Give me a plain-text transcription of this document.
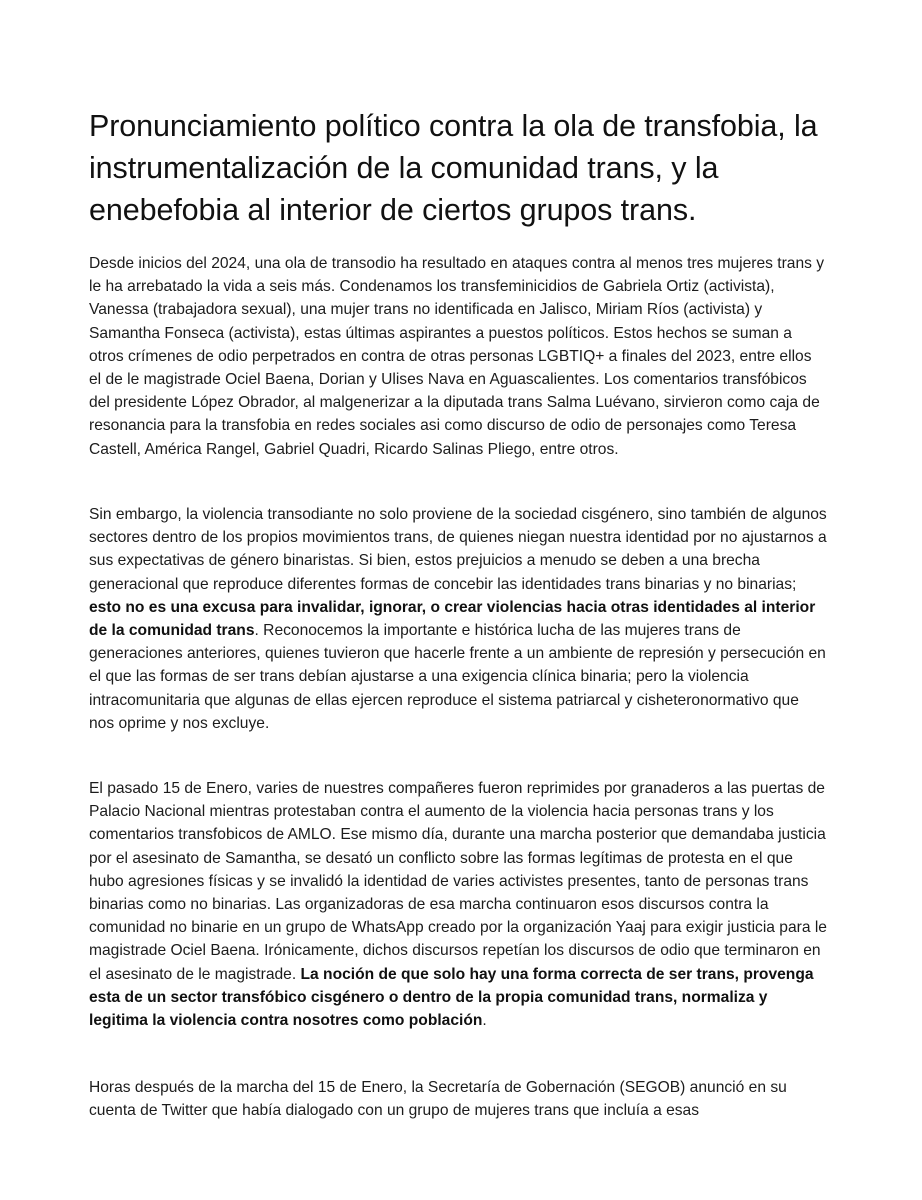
Pronunciamiento político contra la ola de transfobia, la instrumentalización de la comunidad trans, y la enebefobia al interior de ciertos grupos trans.

Desde inicios del 2024, una ola de transodio ha resultado en ataques contra al menos tres mujeres trans y le ha arrebatado la vida a seis más. Condenamos los transfeminicidios de Gabriela Ortiz (activista), Vanessa (trabajadora sexual), una mujer trans no identificada en Jalisco, Miriam Ríos (activista) y Samantha Fonseca (activista), estas últimas aspirantes a puestos políticos. Estos hechos se suman a otros crímenes de odio perpetrados en contra de otras personas LGBTIQ+ a finales del 2023, entre ellos el de le magistrade Ociel Baena, Dorian y Ulises Nava en Aguascalientes. Los comentarios transfóbicos del presidente López Obrador, al malgenerizar a la diputada trans Salma Luévano, sirvieron como caja de resonancia para la transfobia en redes sociales asi como discurso de odio de personajes como Teresa Castell, América Rangel, Gabriel Quadri, Ricardo Salinas Pliego, entre otros.

Sin embargo, la violencia transodiante no solo proviene de la sociedad cisgénero, sino también de algunos sectores dentro de los propios movimientos trans, de quienes niegan nuestra identidad por no ajustarnos a sus expectativas de género binaristas. Si bien, estos prejuicios a menudo se deben a una brecha generacional que reproduce diferentes formas de concebir las identidades trans binarias y no binarias; esto no es una excusa para invalidar, ignorar, o crear violencias hacia otras identidades al interior de la comunidad trans. Reconocemos la importante e histórica lucha de las mujeres trans de generaciones anteriores, quienes tuvieron que hacerle frente a un ambiente de represión y persecución en el que las formas de ser trans debían ajustarse a una exigencia clínica binaria; pero la violencia intracomunitaria que algunas de ellas ejercen reproduce el sistema patriarcal y cisheteronormativo que nos oprime y nos excluye.

El pasado 15 de Enero, varies de nuestres compañeres fueron reprimides por granaderos a las puertas de Palacio Nacional mientras protestaban contra el aumento de la violencia hacia personas trans y los comentarios transfobicos de AMLO. Ese mismo día, durante una marcha posterior que demandaba justicia por el asesinato de Samantha, se desató un conflicto sobre las formas legítimas de protesta en el que hubo agresiones físicas y se invalidó la identidad de varies activistes presentes, tanto de personas trans binarias como no binarias. Las organizadoras de esa marcha continuaron esos discursos contra la comunidad no binarie en un grupo de WhatsApp creado por la organización Yaaj para exigir justicia para le magistrade Ociel Baena. Irónicamente, dichos discursos repetían los discursos de odio que terminaron en el asesinato de le magistrade. La noción de que solo hay una forma correcta de ser trans, provenga esta de un sector transfóbico cisgénero o dentro de la propia comunidad trans, normaliza y legitima la violencia contra nosotres como población.

Horas después de la marcha del 15 de Enero, la Secretaría de Gobernación (SEGOB) anunció en su cuenta de Twitter que había dialogado con un grupo de mujeres trans que incluía a esas
